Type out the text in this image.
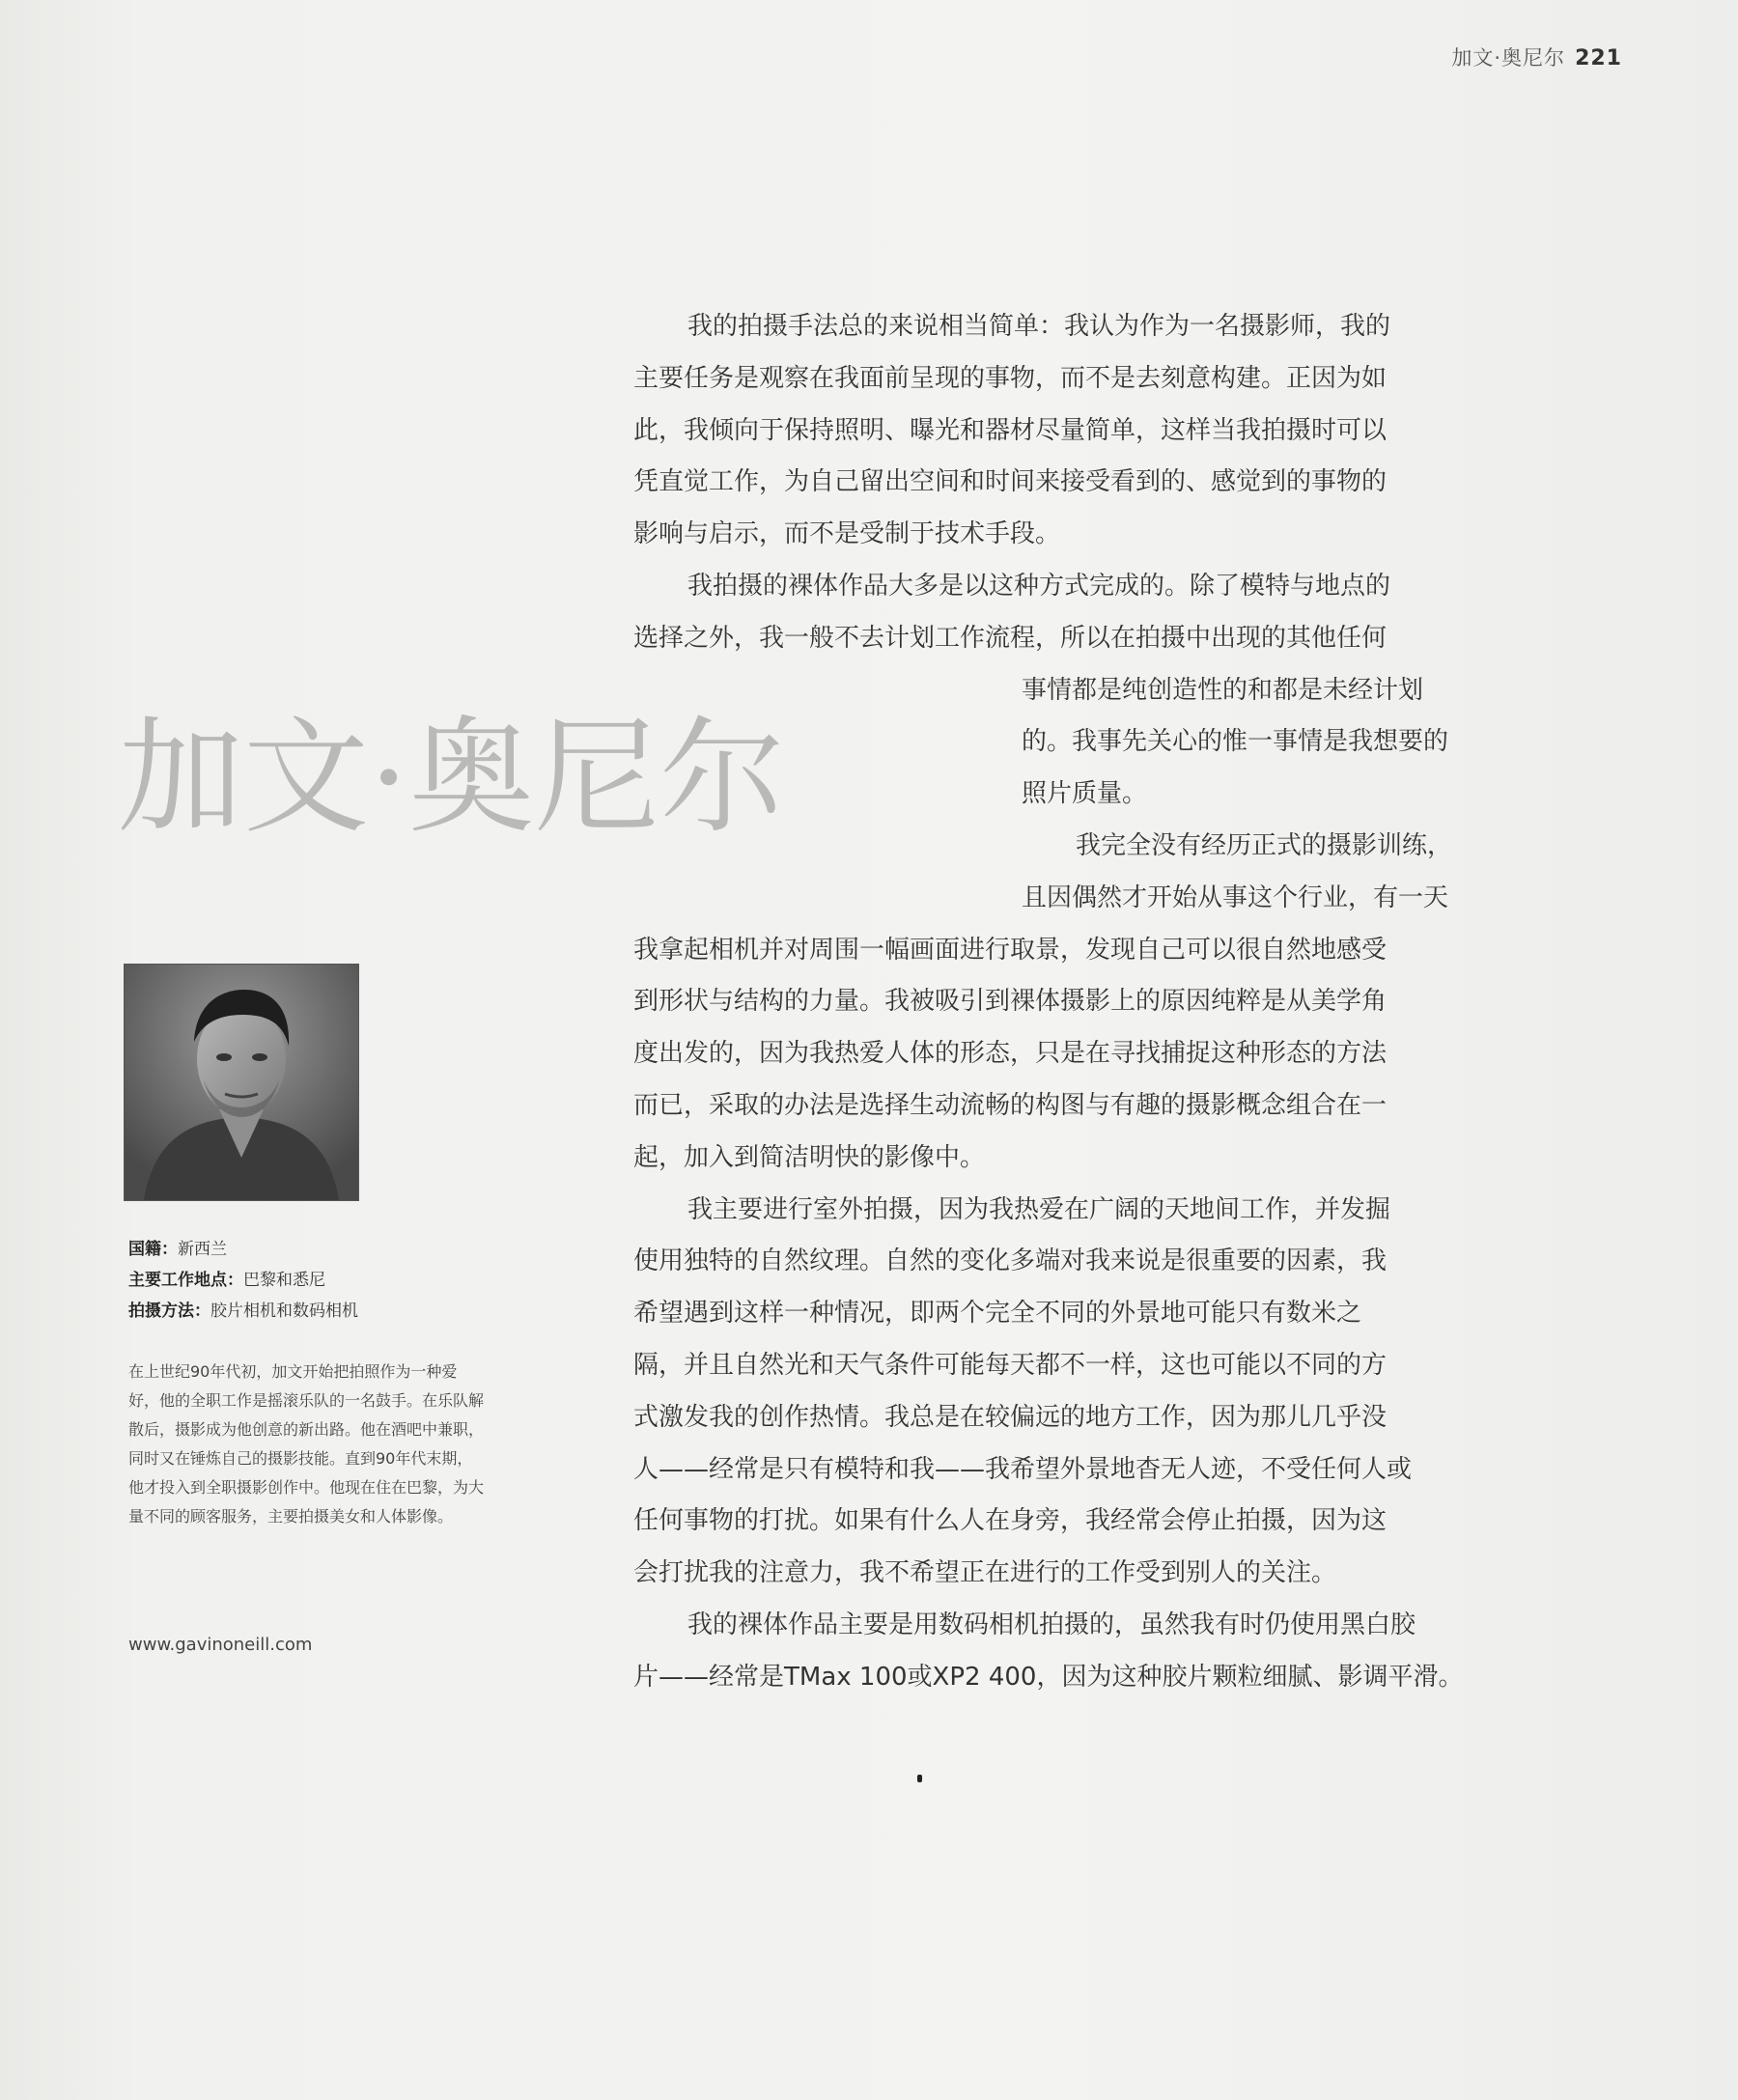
加文·奥尼尔 221
加文·奥尼尔
国籍：新西兰
主要工作地点：巴黎和悉尼
拍摄方法：胶片相机和数码相机
在上世纪90年代初，加文开始把拍照作为一种爱好，他的全职工作是摇滚乐队的一名鼓手。在乐队解散后，摄影成为他创意的新出路。他在酒吧中兼职，同时又在锤炼自己的摄影技能。直到90年代末期，他才投入到全职摄影创作中。他现在住在巴黎，为大量不同的顾客服务，主要拍摄美女和人体影像。
www.gavinoneill.com
我的拍摄手法总的来说相当简单：我认为作为一名摄影师，我的
主要任务是观察在我面前呈现的事物，而不是去刻意构建。正因为如
此，我倾向于保持照明、曝光和器材尽量简单，这样当我拍摄时可以
凭直觉工作，为自己留出空间和时间来接受看到的、感觉到的事物的
影响与启示，而不是受制于技术手段。
我拍摄的裸体作品大多是以这种方式完成的。除了模特与地点的
选择之外，我一般不去计划工作流程，所以在拍摄中出现的其他任何
事情都是纯创造性的和都是未经计划
的。我事先关心的惟一事情是我想要的
照片质量。
我完全没有经历正式的摄影训练，
且因偶然才开始从事这个行业，有一天
我拿起相机并对周围一幅画面进行取景，发现自己可以很自然地感受
到形状与结构的力量。我被吸引到裸体摄影上的原因纯粹是从美学角
度出发的，因为我热爱人体的形态，只是在寻找捕捉这种形态的方法
而已，采取的办法是选择生动流畅的构图与有趣的摄影概念组合在一
起，加入到简洁明快的影像中。
我主要进行室外拍摄，因为我热爱在广阔的天地间工作，并发掘
使用独特的自然纹理。自然的变化多端对我来说是很重要的因素，我
希望遇到这样一种情况，即两个完全不同的外景地可能只有数米之
隔，并且自然光和天气条件可能每天都不一样，这也可能以不同的方
式激发我的创作热情。我总是在较偏远的地方工作，因为那儿几乎没
人——经常是只有模特和我——我希望外景地杳无人迹，不受任何人或
任何事物的打扰。如果有什么人在身旁，我经常会停止拍摄，因为这
会打扰我的注意力，我不希望正在进行的工作受到别人的关注。
我的裸体作品主要是用数码相机拍摄的，虽然我有时仍使用黑白胶
片——经常是TMax 100或XP2 400，因为这种胶片颗粒细腻、影调平滑。
